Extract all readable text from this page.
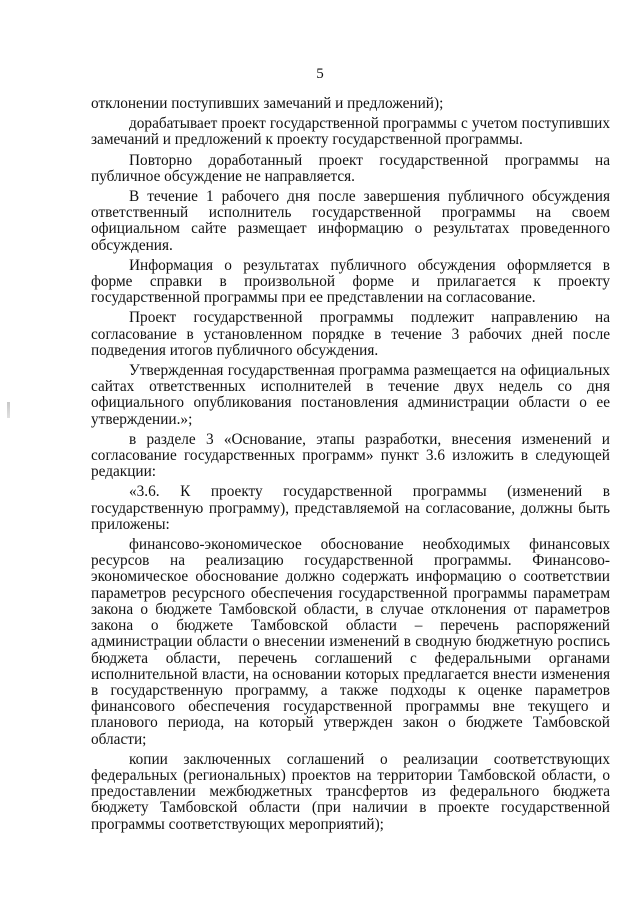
5

отклонении поступивших замечаний и предложений);

дорабатывает проект государственной программы с учетом поступивших замечаний и предложений к проекту государственной программы.

Повторно доработанный проект государственной программы на публичное обсуждение не направляется.

В течение 1 рабочего дня после завершения публичного обсуждения ответственный исполнитель государственной программы на своем официальном сайте размещает информацию о результатах проведенного обсуждения.

Информация о результатах публичного обсуждения оформляется в форме справки в произвольной форме и прилагается к проекту государственной программы при ее представлении на согласование.

Проект государственной программы подлежит направлению на согласование в установленном порядке в течение 3 рабочих дней после подведения итогов публичного обсуждения.

Утвержденная государственная программа размещается на официальных сайтах ответственных исполнителей в течение двух недель со дня официального опубликования постановления администрации области о ее утверждении.»;

в разделе 3 «Основание, этапы разработки, внесения изменений и согласование государственных программ» пункт 3.6 изложить в следующей редакции:

«3.6. К проекту государственной программы (изменений в государственную программу), представляемой на согласование, должны быть приложены:

финансово-экономическое обоснование необходимых финансовых ресурсов на реализацию государственной программы. Финансово-экономическое обоснование должно содержать информацию о соответствии параметров ресурсного обеспечения государственной программы параметрам закона о бюджете Тамбовской области, в случае отклонения от параметров закона о бюджете Тамбовской области – перечень распоряжений администрации области о внесении изменений в сводную бюджетную роспись бюджета области, перечень соглашений с федеральными органами исполнительной власти, на основании которых предлагается внести изменения в государственную программу, а также подходы к оценке параметров финансового обеспечения государственной программы вне текущего и планового периода, на который утвержден закон о бюджете Тамбовской области;

копии заключенных соглашений о реализации соответствующих федеральных (региональных) проектов на территории Тамбовской области, о предоставлении межбюджетных трансфертов из федерального бюджета бюджету Тамбовской области (при наличии в проекте государственной программы соответствующих мероприятий);
